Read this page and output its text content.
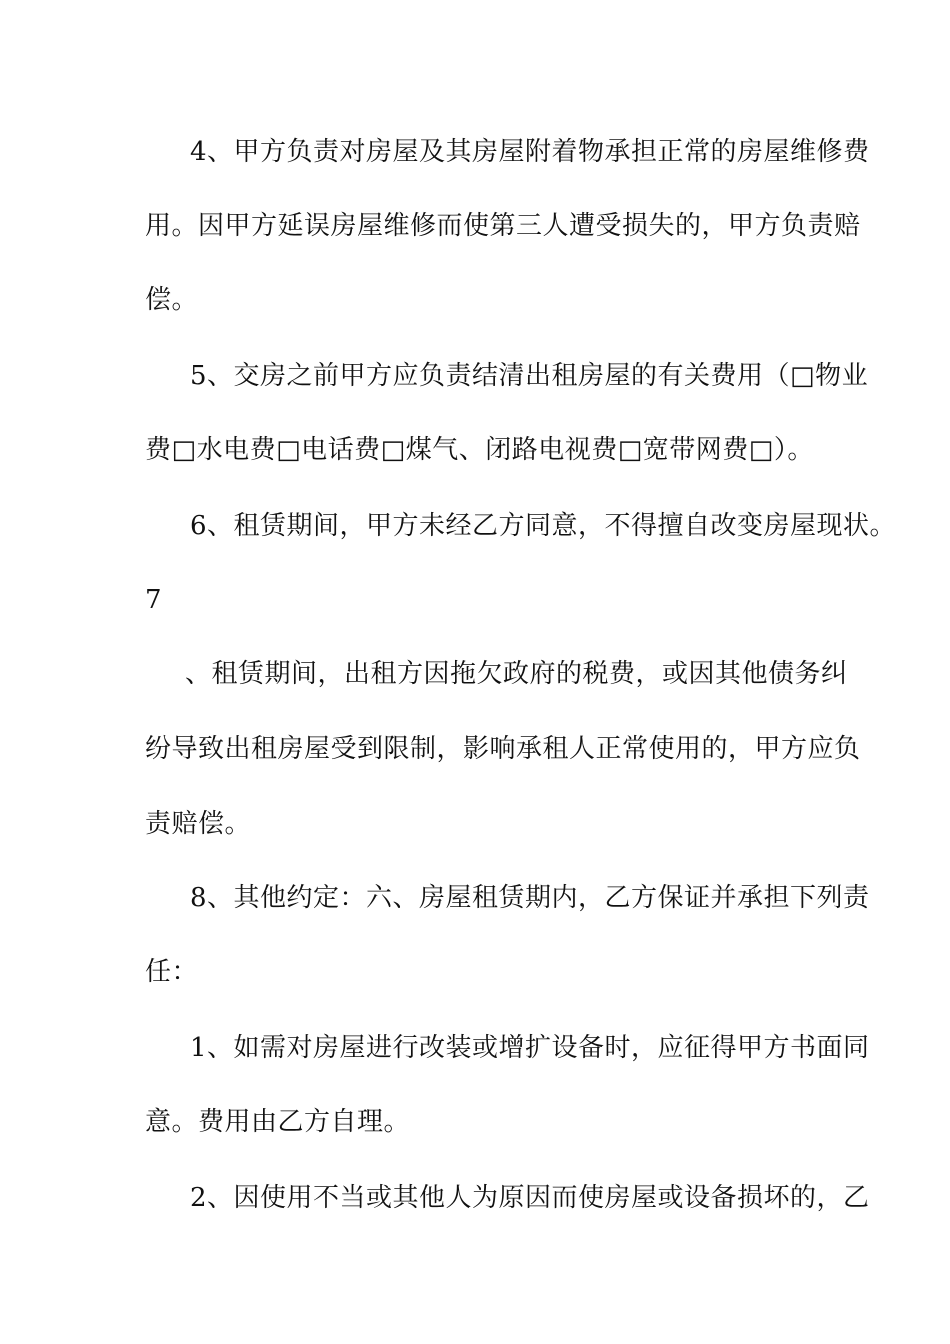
4、甲方负责对房屋及其房屋附着物承担正常的房屋维修费
用。因甲方延误房屋维修而使第三人遭受损失的，甲方负责赔
偿。
5、交房之前甲方应负责结清出租房屋的有关费用（□物业
费□水电费□电话费□煤气、闭路电视费□宽带网费□）。
6、租赁期间，甲方未经乙方同意，不得擅自改变房屋现状。
7
、租赁期间，出租方因拖欠政府的税费，或因其他债务纠
纷导致出租房屋受到限制，影响承租人正常使用的，甲方应负
责赔偿。
8、其他约定：六、房屋租赁期内，乙方保证并承担下列责
任：
1、如需对房屋进行改装或增扩设备时，应征得甲方书面同
意。费用由乙方自理。
2、因使用不当或其他人为原因而使房屋或设备损坏的，乙
